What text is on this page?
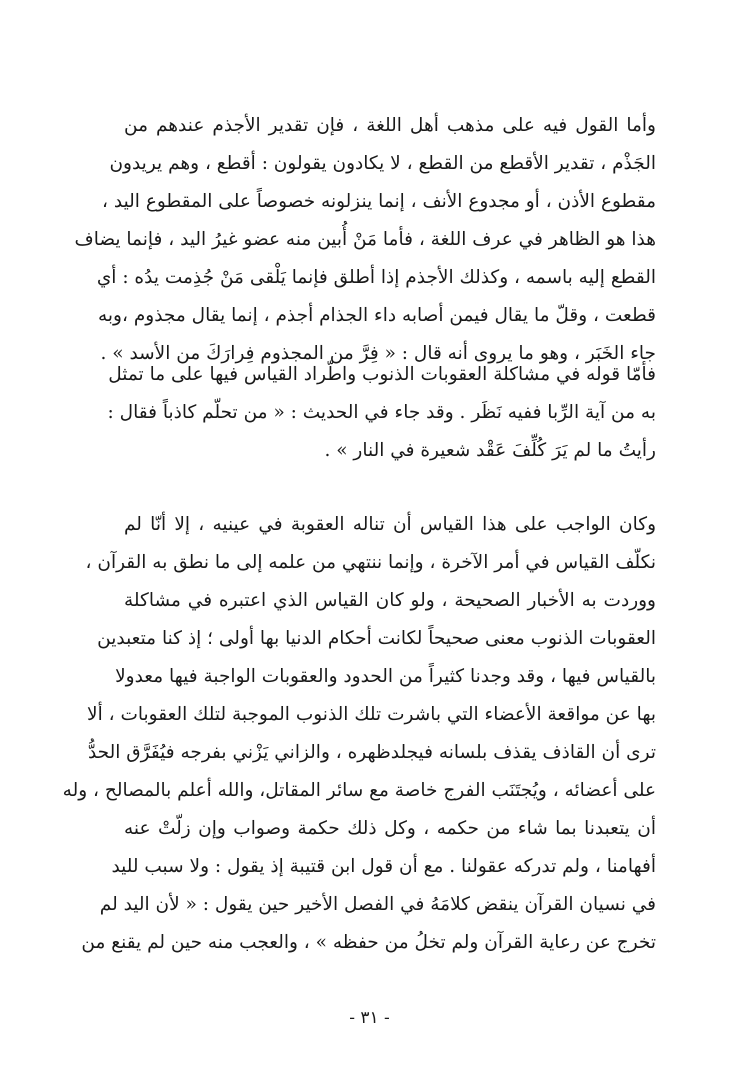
وأما القول فيه على مذهب أهل اللغة ، فإن تقدير الأجذم عندهم من
الجَذْم ، تقدير الأقطع من القطع ، لا يكادون يقولون : أقطع ، وهم يريدون
مقطوع الأذن ، أو مجدوع الأنف ، إنما ينزلونه خصوصاً على المقطوع اليد ،
هذا هو الظاهر في عرف اللغة ، فأما مَنْ أُبين منه عضو غيرُ اليد ، فإنما يضاف
القطع إليه باسمه ، وكذلك الأجذم إذا أطلق فإنما يَلْقى مَنْ جُذِمت يدُه : أي
قطعت ، وقلّ ما يقال فيمن أصابه داء الجذام أجذم ، إنما يقال مجذوم ،وبه
جاء الخَبَر ، وهو ما يروى أنه قال : « فِرَّ من المجذوم فِرارَكَ من الأسد » .
فأمّا قوله في مشاكلة العقوبات الذنوب واطّراد القياس فيها على ما تمثل
به من آية الرِّبا ففيه نَظَر . وقد جاء في الحديث : « من تحلّم كاذباً فقال :
رأيتُ ما لم يَرَ كُلِّفَ عَقْد شعيرة في النار » .
وكان الواجب على هذا القياس أن تناله العقوبة في عينيه ، إلا أنّا لم
نكلّف القياس في أمر الآخرة ، وإنما ننتهي من علمه إلى ما نطق به القرآن ،
ووردت به الأخبار الصحيحة ، ولو كان القياس الذي اعتبره في مشاكلة
العقوبات الذنوب معنى صحيحاً لكانت أحكام الدنيا بها أولى ؛ إذ كنا متعبدين
بالقياس فيها ، وقد وجدنا كثيراً من الحدود والعقوبات الواجبة فيها معدولا
بها عن مواقعة الأعضاء التي باشرت تلك الذنوب الموجبة لتلك العقوبات ، ألا
ترى أن القاذف يقذف بلسانه فيجلدظهره ، والزاني يَزْني بفرجه فيُفَرَّق الحدُّ
على أعضائه ، ويُجتَنَب الفرج خاصة مع سائر المقاتل، والله أعلم بالمصالح ، وله
أن يتعبدنا بما شاء من حكمه ، وكل ذلك حكمة وصواب وإن زلّتْ عنه
أفهامنا ، ولم تدركه عقولنا . مع أن قول ابن قتيبة إذ يقول : ولا سبب لليد
في نسيان القرآن ينقض كلامَهُ في الفصل الأخير حين يقول : « لأن اليد لم
تخرج عن رعاية القرآن ولم تخلُ من حفظه » ، والعجب منه حين لم يقنع من
- ٣١ -
